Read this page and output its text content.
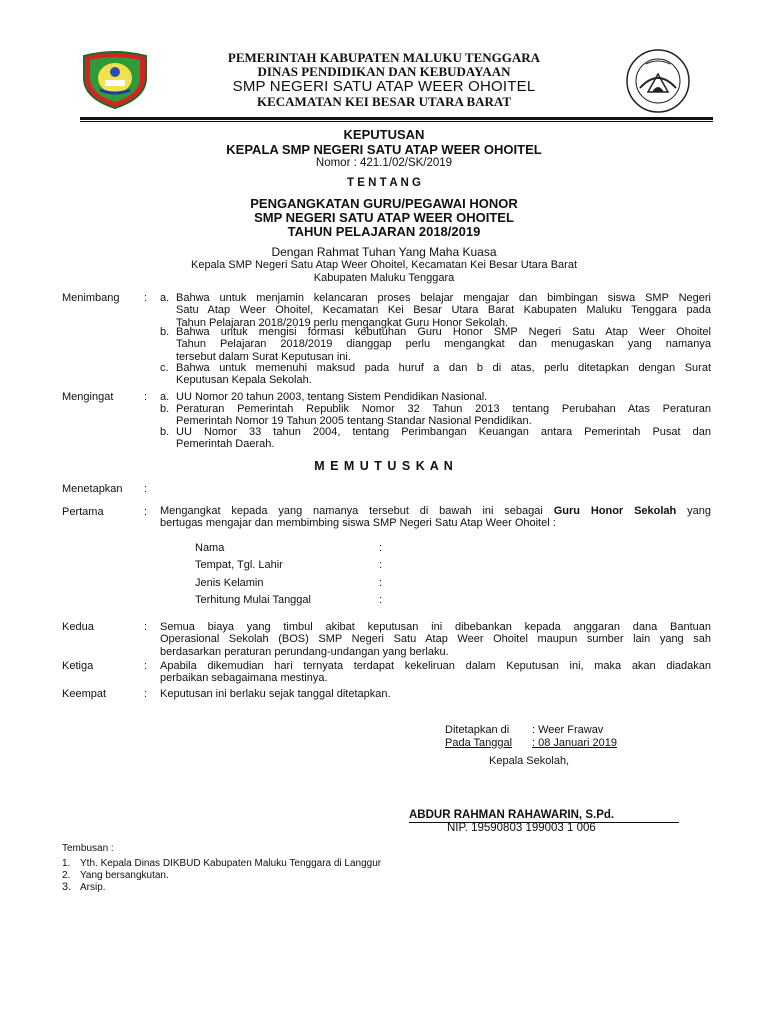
PEMERINTAH KABUPATEN MALUKU TENGGARA
DINAS PENDIDIKAN DAN KEBUDAYAAN
SMP NEGERI SATU ATAP WEER OHOITEL
KECAMATAN KEI BESAR UTARA BARAT
KEPUTUSAN
KEPALA SMP NEGERI SATU ATAP WEER OHOITEL
Nomor : 421.1/02/SK/2019
T E N T A N G
PENGANGKATAN GURU/PEGAWAI HONOR
SMP NEGERI SATU ATAP WEER OHOITEL
TAHUN PELAJARAN 2018/2019
Dengan Rahmat Tuhan Yang Maha Kuasa
Kepala SMP Negeri Satu Atap Weer Ohoitel, Kecamatan Kei Besar Utara Barat
Kabupaten Maluku Tenggara
Menimbang : a. Bahwa untuk menjamin kelancaran proses belajar mengajar dan bimbingan siswa SMP Negeri
Satu Atap Weer Ohoitel, Kecamatan Kei Besar Utara Barat Kabupaten Maluku Tenggara pada
Tahun Pelajaran 2018/2019 perlu mengangkat Guru Honor Sekolah.
b. Bahwa untuk mengisi formasi kebutuhan Guru Honor SMP Negeri Satu Atap Weer Ohoitel
Tahun Pelajaran 2018/2019 dianggap perlu mengangkat dan menugaskan yang namanya
tersebut dalam Surat Keputusan ini.
c. Bahwa untuk memenuhi maksud pada huruf a dan b di atas, perlu ditetapkan dengan Surat
Keputusan Kepala Sekolah.
Mengingat	: a. UU Nomor 20 tahun 2003, tentang Sistem Pendidikan Nasional.
b. Peraturan Pemerintah Republik Nomor 32 Tahun 2013 tentang Perubahan Atas Peraturan
Pemerintah Nomor 19 Tahun 2005 tentang Standar Nasional Pendidikan.
b. UU Nomor 33 tahun 2004, tentang Perimbangan Keuangan antara Pemerintah Pusat dan
Pemerintah Daerah.
M E M U T U S K A N
Menetapkan :
Pertama	: Mengangkat kepada yang namanya tersebut di bawah ini sebagai Guru Honor Sekolah yang
bertugas mengajar dan membimbing siswa SMP Negeri Satu Atap Weer Ohoitel :
Nama	:
Tempat, Tgl. Lahir	:
Jenis Kelamin	:
Terhitung Mulai Tanggal	:
Kedua	: Semua biaya yang timbul akibat keputusan ini dibebankan kepada anggaran dana Bantuan
Operasional Sekolah (BOS) SMP Negeri Satu Atap Weer Ohoitel maupun sumber lain yang sah
berdasarkan peraturan perundang-undangan yang berlaku.
Ketiga	: Apabila dikemudian hari ternyata terdapat kekeliruan dalam Keputusan ini, maka akan diadakan
perbaikan sebagaimana mestinya.
Keempat	: Keputusan ini berlaku sejak tanggal ditetapkan.
Ditetapkan di : Weer Frawav
Pada Tanggal : 08 Januari 2019
Kepala Sekolah,
ABDUR RAHMAN RAHAWARIN, S.Pd.
NIP. 19590803 199003 1 006
Tembusan :
1. Yth. Kepala Dinas DIKBUD Kabupaten Maluku Tenggara di Langgur
2. Yang bersangkutan.
3. Arsip.
